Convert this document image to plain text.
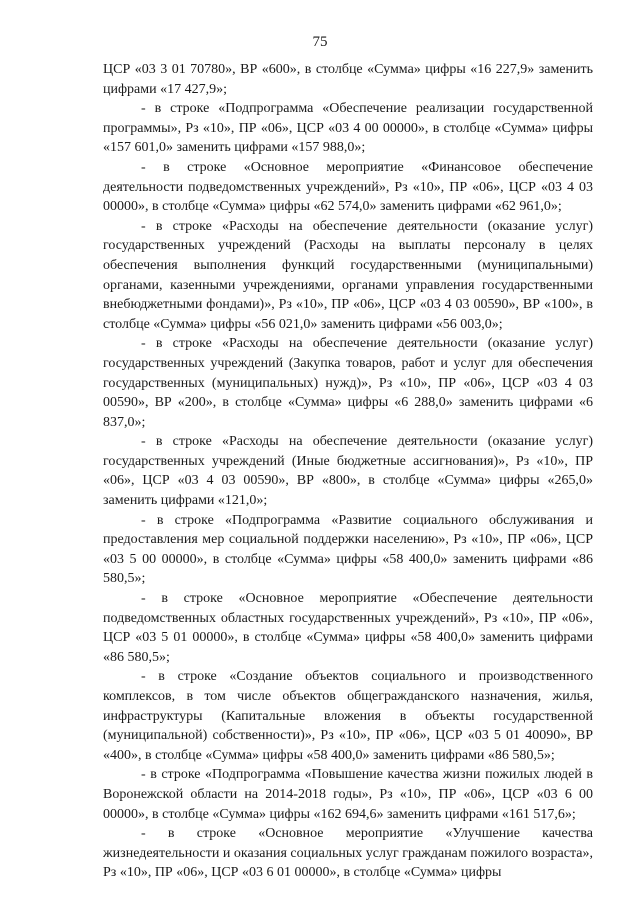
75

ЦСР «03 3 01 70780», ВР «600», в столбце «Сумма» цифры «16 227,9» заменить цифрами «17 427,9»;

- в строке «Подпрограмма «Обеспечение реализации государственной программы», Рз «10», ПР «06», ЦСР «03 4 00 00000», в столбце «Сумма» цифры «157 601,0» заменить цифрами «157 988,0»;

- в строке «Основное мероприятие «Финансовое обеспечение деятельности подведомственных учреждений», Рз «10», ПР «06», ЦСР «03 4 03 00000», в столбце «Сумма» цифры «62 574,0» заменить цифрами «62 961,0»;

- в строке «Расходы на обеспечение деятельности (оказание услуг) государственных учреждений (Расходы на выплаты персоналу в целях обеспечения выполнения функций государственными (муниципальными) органами, казенными учреждениями, органами управления государственными внебюджетными фондами)», Рз «10», ПР «06», ЦСР «03 4 03 00590», ВР «100», в столбце «Сумма» цифры «56 021,0» заменить цифрами «56 003,0»;

- в строке «Расходы на обеспечение деятельности (оказание услуг) государственных учреждений (Закупка товаров, работ и услуг для обеспечения государственных (муниципальных) нужд)», Рз «10», ПР «06», ЦСР «03 4 03 00590», ВР «200», в столбце «Сумма» цифры «6 288,0» заменить цифрами «6 837,0»;

- в строке «Расходы на обеспечение деятельности (оказание услуг) государственных учреждений (Иные бюджетные ассигнования)», Рз «10», ПР «06», ЦСР «03 4 03 00590», ВР «800», в столбце «Сумма» цифры «265,0» заменить цифрами «121,0»;

- в строке «Подпрограмма «Развитие социального обслуживания и предоставления мер социальной поддержки населению», Рз «10», ПР «06», ЦСР «03 5 00 00000», в столбце «Сумма» цифры «58 400,0» заменить цифрами «86 580,5»;

- в строке «Основное мероприятие «Обеспечение деятельности подведомственных областных государственных учреждений», Рз «10», ПР «06», ЦСР «03 5 01 00000», в столбце «Сумма» цифры «58 400,0» заменить цифрами «86 580,5»;

- в строке «Создание объектов социального и производственного комплексов, в том числе объектов общегражданского назначения, жилья, инфраструктуры (Капитальные вложения в объекты государственной (муниципальной) собственности)», Рз «10», ПР «06», ЦСР «03 5 01 40090», ВР «400», в столбце «Сумма» цифры «58 400,0» заменить цифрами «86 580,5»;

- в строке «Подпрограмма «Повышение качества жизни пожилых людей в Воронежской области на 2014-2018 годы», Рз «10», ПР «06», ЦСР «03 6 00 00000», в столбце «Сумма» цифры «162 694,6» заменить цифрами «161 517,6»;

- в строке «Основное мероприятие «Улучшение качества жизнедеятельности и оказания социальных услуг гражданам пожилого возраста», Рз «10», ПР «06», ЦСР «03 6 01 00000», в столбце «Сумма» цифры
